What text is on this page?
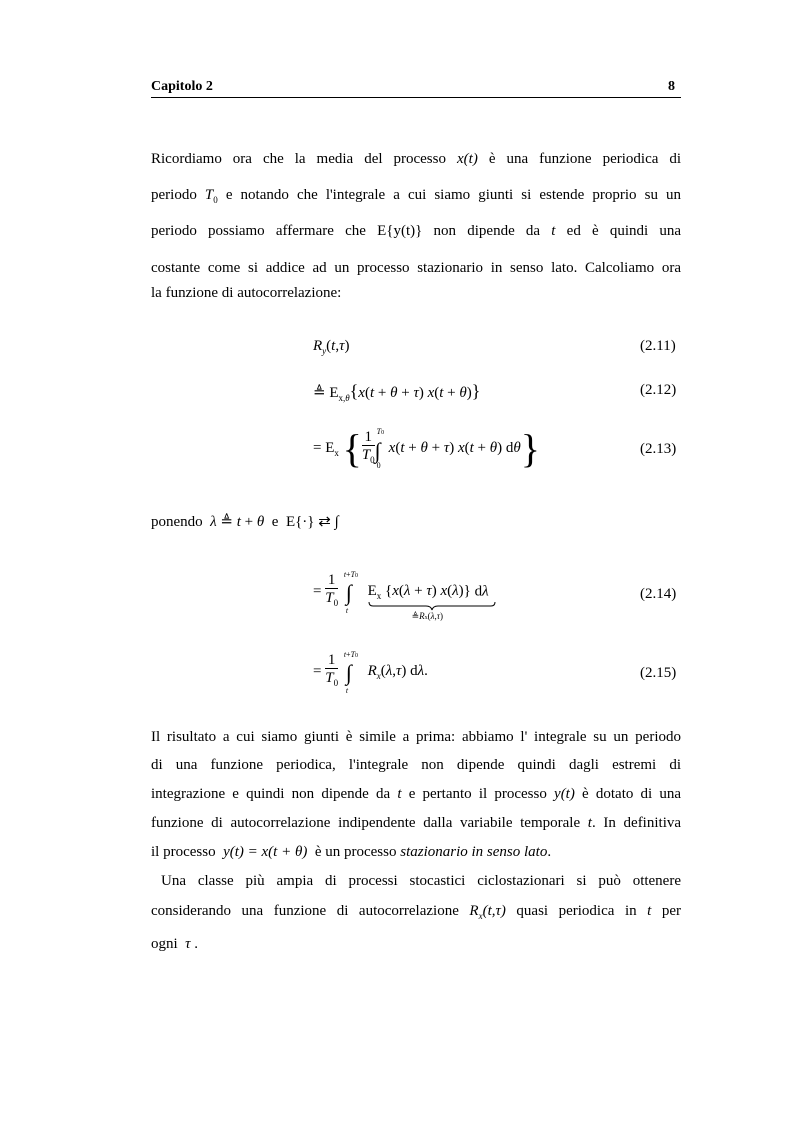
Capitolo 2	8
Ricordiamo ora che la media del processo x(t) è una funzione periodica di
periodo $T_0$ e notando che l'integrale a cui siamo giunti si estende proprio su un
periodo possiamo affermare che E{y(t)} non dipende da t ed è quindi una
costante come si addice ad un processo stazionario in senso lato. Calcoliamo ora
la funzione di autocorrelazione:
$R_y(t,\tau)$	(2.11)
≜ $E_{x,\theta}\{x(t + \theta + \tau) x(t + \theta)\}$	(2.12)
= $E_x$ { $\frac{1}{T_0} T0$
∫
0
x(t + θ + τ) x(t + θ) dθ}	(2.13)
ponendo λ ≜ t + θ e E{·} ⇄ ∫
= $\frac{1}{T_0}$
t+T0
∫
t
$E_x$ {x(λ + τ) x(λ)}
≜Rx(λ,τ)
dλ	(2.14)
= $\frac{1}{T_0}$
t+T0
∫
t
$R_x(\lambda,\tau)$ dλ.	(2.15)
Il risultato a cui siamo giunti è simile a prima: abbiamo l' integrale su un periodo
di una funzione periodica, l'integrale non dipende quindi dagli estremi di
integrazione e quindi non dipende da t e pertanto il processo y(t) è dotato di una
funzione di autocorrelazione indipendente dalla variabile temporale t. In definitiva
il processo y(t) = x(t + θ) è un processo stazionario in senso lato.
Una classe più ampia di processi stocastici ciclostazionari si può ottenere
considerando una funzione di autocorrelazione $R_x(t,\tau)$ quasi periodica in t per
ogni τ .
